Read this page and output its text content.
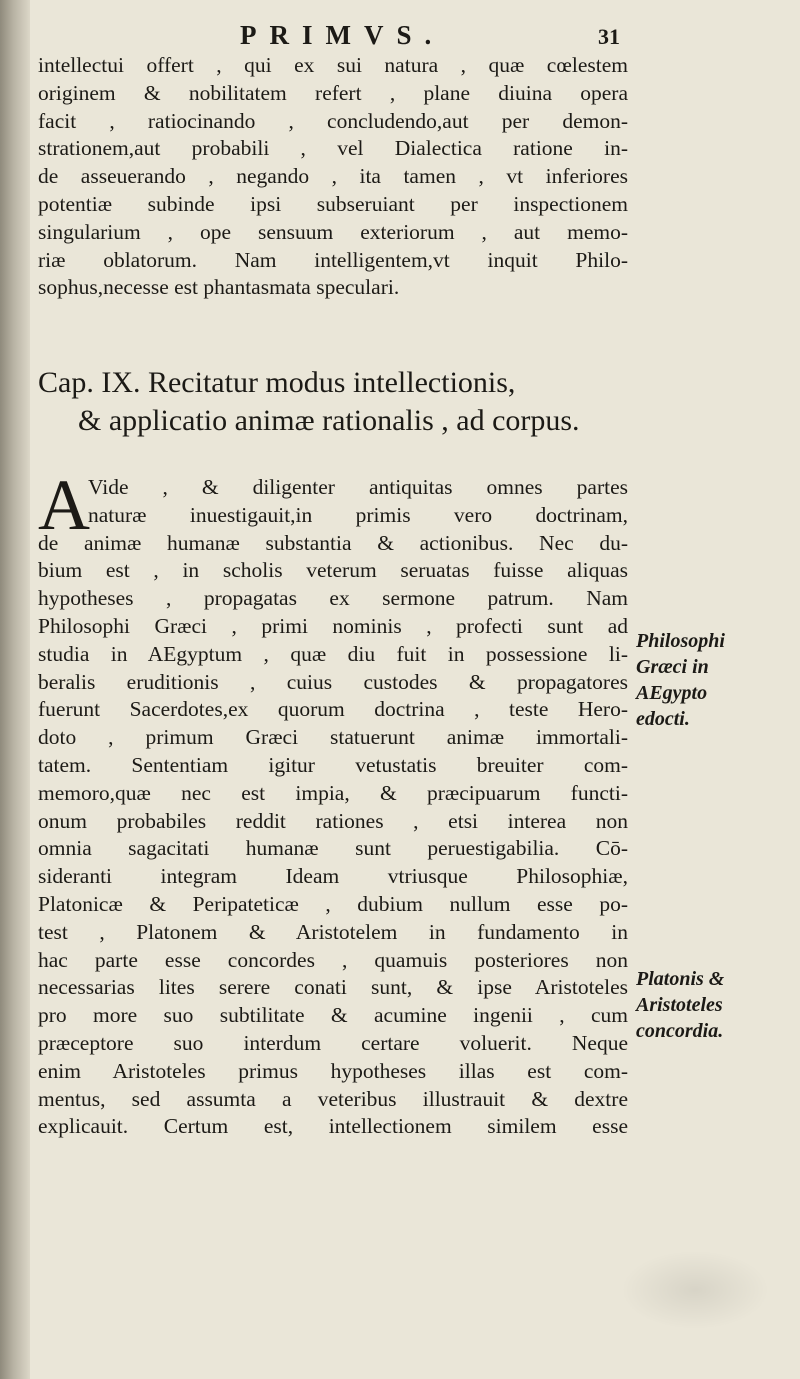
PRIMVS.	31
intellectui offert , qui ex sui natura , quæ cœlestem
originem & nobilitatem refert , plane diuina opera
facit , ratiocinando , concludendo,aut per demon-
strationem,aut probabili , vel Dialectica ratione in-
de asseuerando , negando , ita tamen , vt inferiores
potentiæ subinde ipsi subseruiant per inspectionem
singularium , ope sensuum exteriorum , aut memo-
riæ oblatorum. Nam intelligentem,vt inquit Philo-
sophus,necesse est phantasmata speculari.
Cap. IX. Recitatur modus intellectionis,
& applicatio animæ rationalis , ad corpus.
A
Vide , & diligenter antiquitas omnes partes
naturæ inuestigauit,in primis vero doctrinam,
de animæ humanæ substantia & actionibus. Nec du-
bium est , in scholis veterum seruatas fuisse aliquas
hypotheses , propagatas ex sermone patrum. Nam
Philosophi Græci , primi nominis , profecti sunt ad
studia in AEgyptum , quæ diu fuit in possessione li-
beralis eruditionis , cuius custodes & propagatores
fuerunt Sacerdotes,ex quorum doctrina , teste Hero-
doto , primum Græci statuerunt animæ immortali-
tatem. Sententiam igitur vetustatis breuiter com-
memoro,quæ nec est impia, & præcipuarum functi-
onum probabiles reddit rationes , etsi interea non
omnia sagacitati humanæ sunt peruestigabilia. Cō-
sideranti integram Ideam vtriusque Philosophiæ,
Platonicæ & Peripateticæ , dubium nullum esse po-
test , Platonem & Aristotelem in fundamento in
hac parte esse concordes , quamuis posteriores non
necessarias lites serere conati sunt, & ipse Aristoteles
pro more suo subtilitate & acumine ingenii , cum
præceptore suo interdum certare voluerit. Neque
enim Aristoteles primus hypotheses illas est com-
mentus, sed assumta a veteribus illustrauit & dextre
explicauit. Certum est, intellectionem similem esse
Philosophi
Græci in
AEgypto
edocti.
Platonis &
Aristoteles
concordia.
